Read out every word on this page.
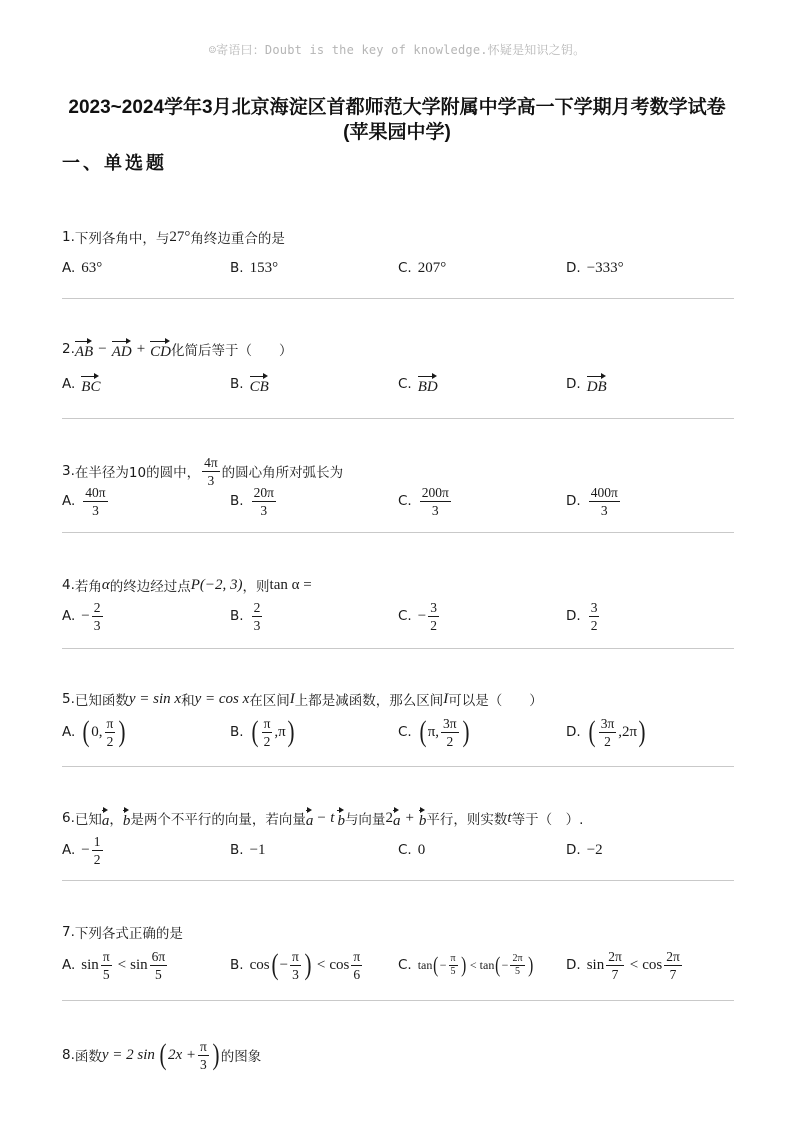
☺寄语曰：Doubt is the key of knowledge.怀疑是知识之钥。
2023~2024学年3月北京海淀区首都师范大学附属中学高一下学期月考数学试卷
(苹果园中学)
一、单选题
1. 下列各角中，与 27° 角终边重合的是
A. 63°	B. 153°	C. 207°	D. −333°
2. AB − AD + CD 化简后等于（　　）
A. BC	B. CB	C. BD	D. DB
3. 在半径为10的圆中， $\frac{4\pi}{3}$ 的圆心角所对弧长为
A. $\frac{40\pi}{3}$	B. $\frac{20\pi}{3}$	C. $\frac{200\pi}{3}$	D. $\frac{400\pi}{3}$
4. 若角 α 的终边经过点 P(−2, 3) ，则 tan α =
A. − $\frac{2}{3}$	B. $\frac{2}{3}$	C. − $\frac{3}{2}$	D. $\frac{3}{2}$
5. 已知函数 y = sin x 和 y = cos x 在区间 I 上都是减函数，那么区间 I 可以是（　　）
A. ( 0, $\frac{\pi}{2}$ )	B. ( $\frac{\pi}{2} ,\pi$ )	C. ( π, $\frac{3\pi}{2}$ )	D. ( $\frac{3\pi}{2} ,2\pi$ )
6. 已知 a ， b 是两个不平行的向量，若向量 a − t b 与向量 2 a + b 平行，则实数 t 等于（　）.
A. − $\frac{1}{2}$	B. −1	C. 0	D. −2
7. 下列各式正确的是
A. $\sin \frac{\pi}{5} < \sin \frac{6\pi}{5}$	B. cos ( − $\frac{\pi}{3}$ ) < $\cos \frac{\pi}{6}$	C. tan ( − $\frac{\pi}{5}$ ) < tan ( − $\frac{2\pi}{5}$ ) D. $\sin \frac{2\pi}{7} < \cos \frac{2\pi}{7}$
8. 函数 y = 2 sin ( $2x + \frac{\pi}{3}$ ) 的图象
